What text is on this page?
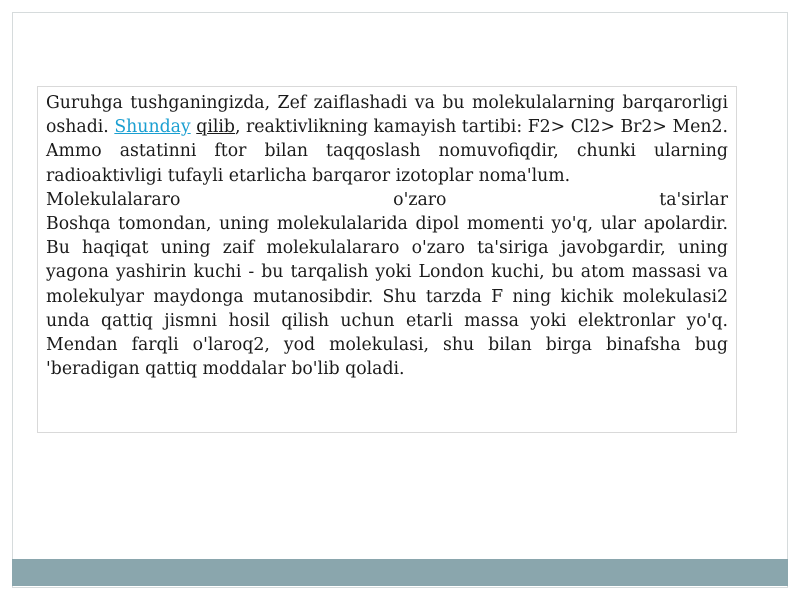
Guruhga tushganingizda, Zef zaiflashadi va bu molekulalarning barqarorligi oshadi. Shunday qilib, reaktivlikning kamayish tartibi: F2> Cl2> Br2> Men2. Ammo astatinni ftor bilan taqqoslash nomuvofiqdir, chunki ularning radioaktivligi tufayli etarlicha barqaror izotoplar noma'lum.

Molekulalararo o'zaro ta'sirlar

Boshqa tomondan, uning molekulalarida dipol momenti yo'q, ular apolardir. Bu haqiqat uning zaif molekulalararo o'zaro ta'siriga javobgardir, uning yagona yashirin kuchi - bu tarqalish yoki London kuchi, bu atom massasi va molekulyar maydonga mutanosibdir. Shu tarzda F ning kichik molekulasi2 unda qattiq jismni hosil qilish uchun etarli massa yoki elektronlar yo'q. Mendan farqli o'laroq2, yod molekulasi, shu bilan birga binafsha bug 'beradigan qattiq moddalar bo'lib qoladi.
